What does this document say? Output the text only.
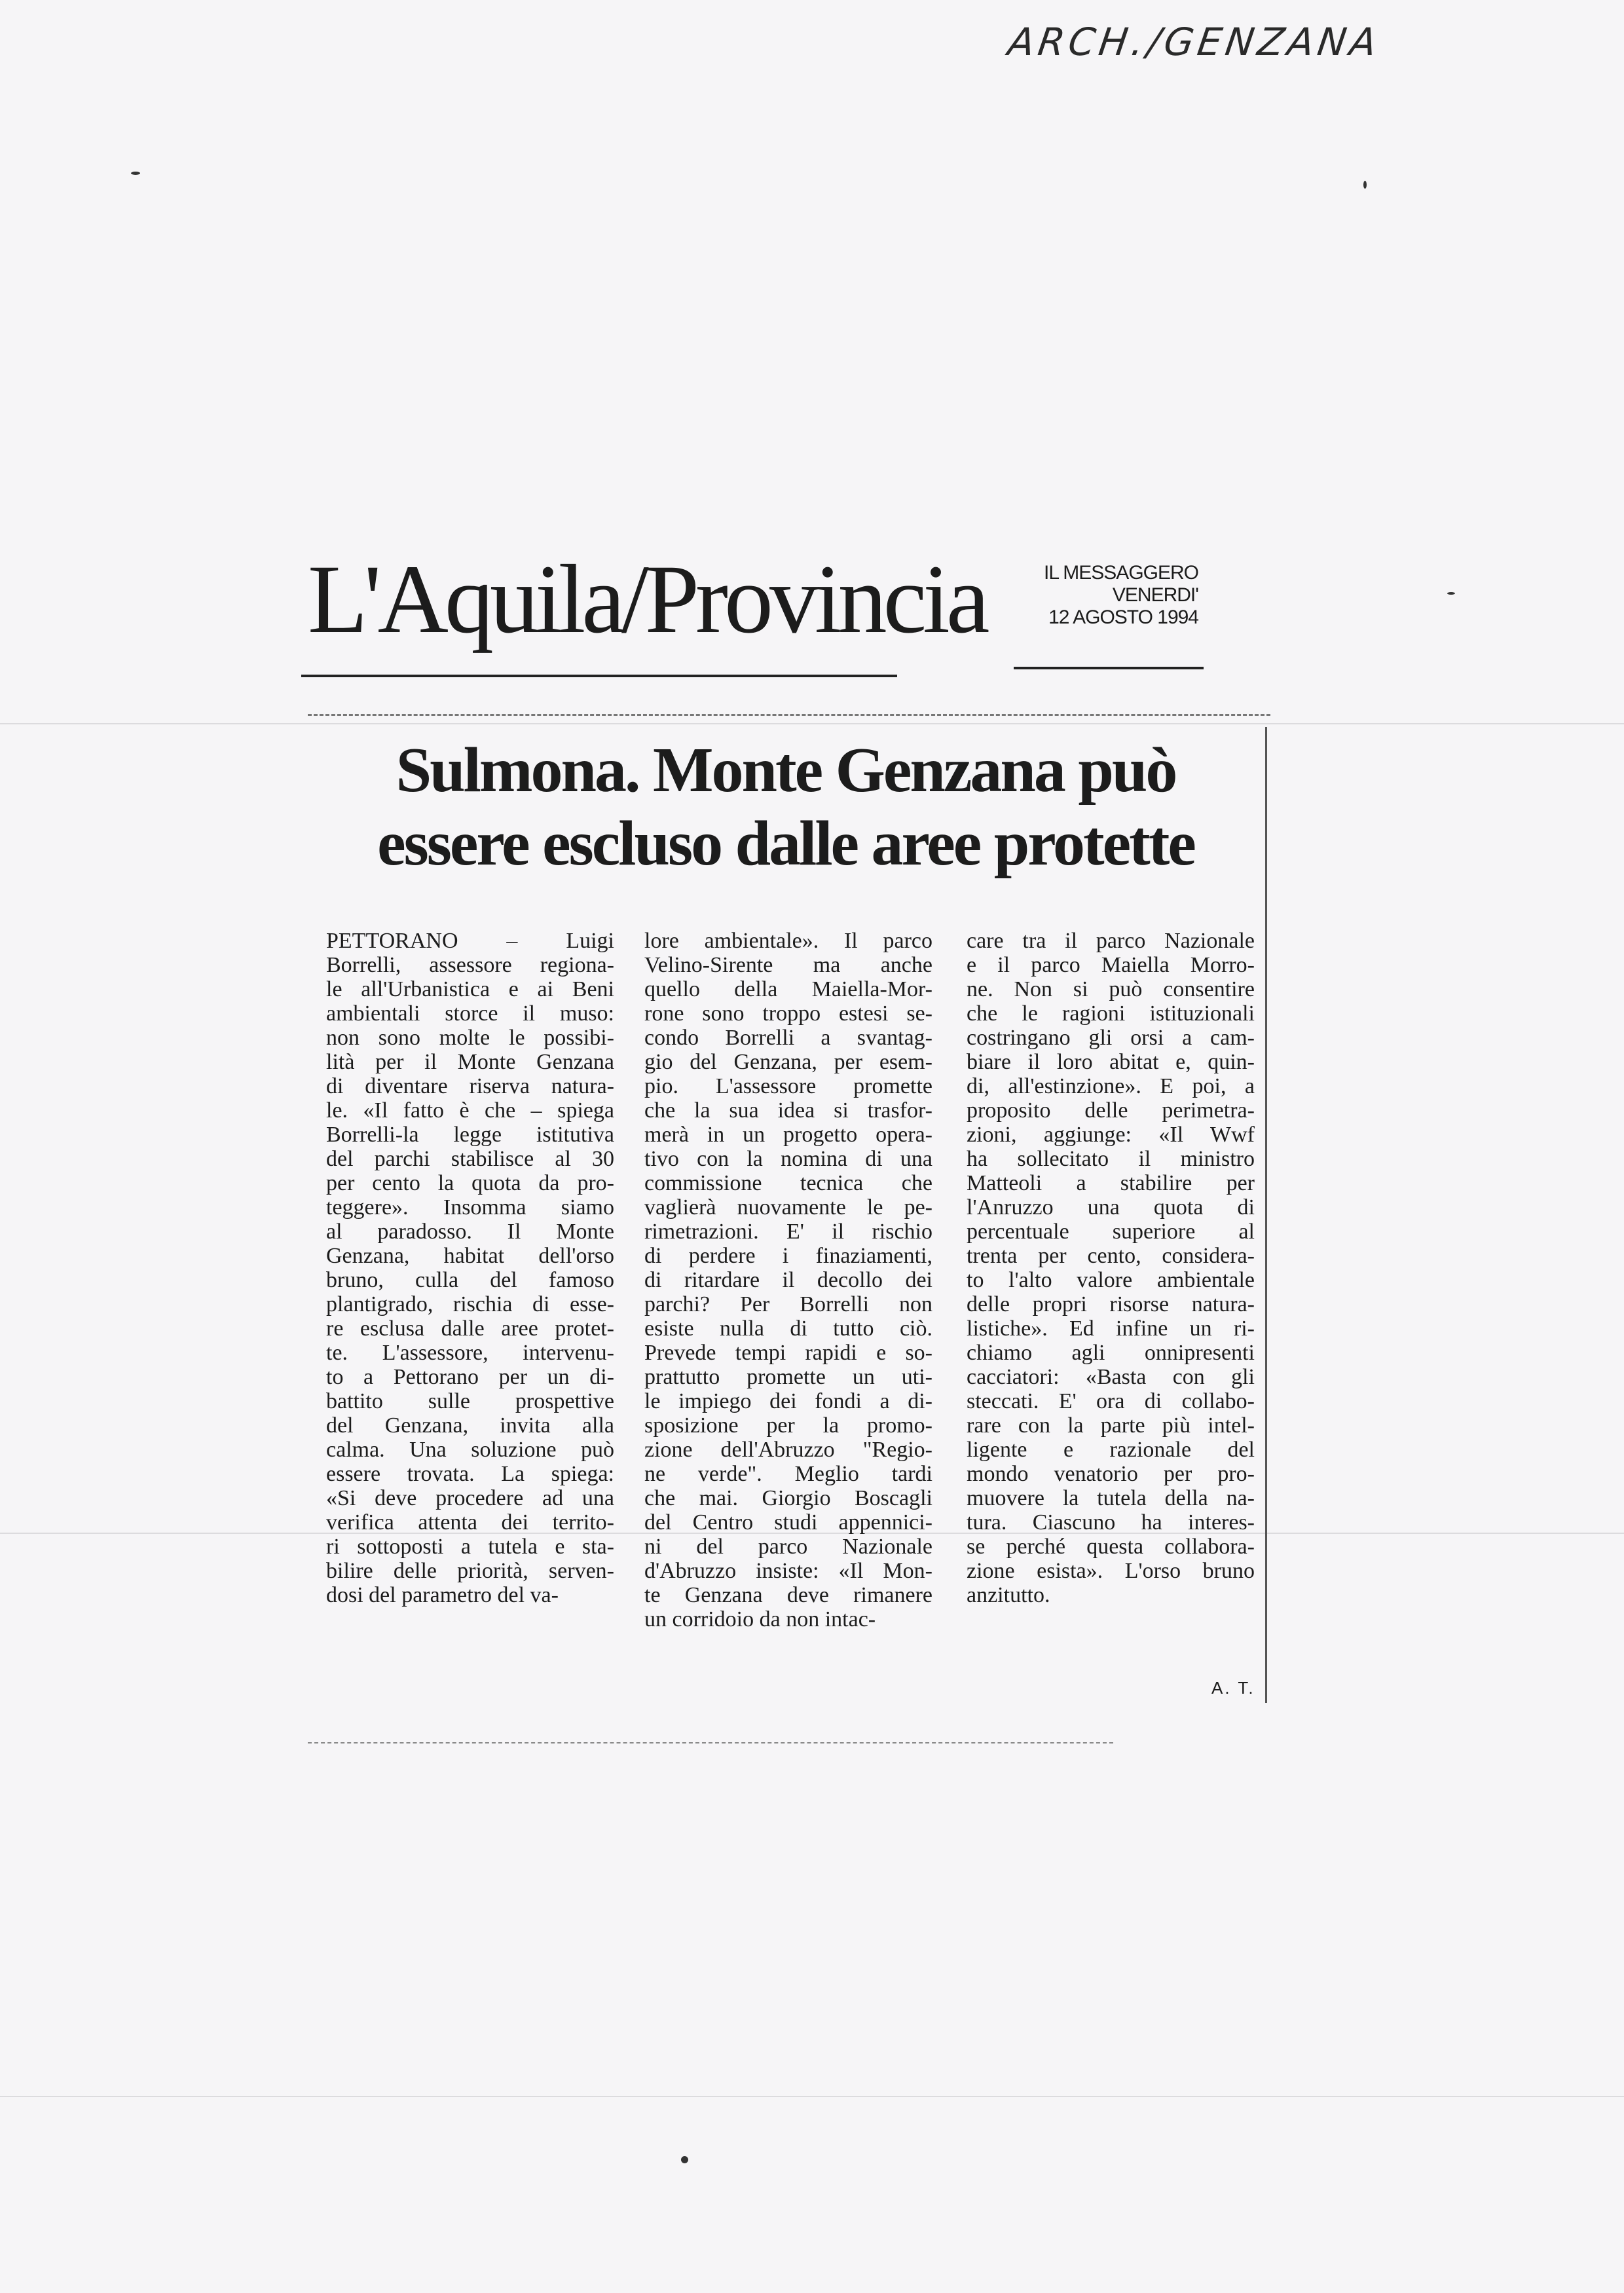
ARCH./GENZANA
L'Aquila/Provincia	IL MESSAGGERO
VENERDI'
12 AGOSTO 1994
Sulmona. Monte Genzana può
essere escluso dalle aree protette
PETTORANO – Luigi
Borrelli, assessore regiona-
le all'Urbanistica e ai Beni
ambientali storce il muso:
non sono molte le possibi-
lità per il Monte Genzana
di diventare riserva natura-
le. «Il fatto è che – spiega
Borrelli-la legge istitutiva
del parchi stabilisce al 30
per cento la quota da pro-
teggere». Insomma siamo
al paradosso. Il Monte
Genzana, habitat dell'orso
bruno, culla del famoso
plantigrado, rischia di esse-
re esclusa dalle aree protet-
te. L'assessore, intervenu-
to a Pettorano per un di-
battito sulle prospettive
del Genzana, invita alla
calma. Una soluzione può
essere trovata. La spiega:
«Si deve procedere ad una
verifica attenta dei territo-
ri sottoposti a tutela e sta-
bilire delle priorità, serven-
dosi del parametro del va-
lore ambientale». Il parco
Velino-Sirente ma anche
quello della Maiella-Mor-
rone sono troppo estesi se-
condo Borrelli a svantag-
gio del Genzana, per esem-
pio. L'assessore promette
che la sua idea si trasfor-
merà in un progetto opera-
tivo con la nomina di una
commissione tecnica che
vaglierà nuovamente le pe-
rimetrazioni. E' il rischio
di perdere i finaziamenti,
di ritardare il decollo dei
parchi? Per Borrelli non
esiste nulla di tutto ciò.
Prevede tempi rapidi e so-
prattutto promette un uti-
le impiego dei fondi a di-
sposizione per la promo-
zione dell'Abruzzo "Regio-
ne verde". Meglio tardi
che mai. Giorgio Boscagli
del Centro studi appennici-
ni del parco Nazionale
d'Abruzzo insiste: «Il Mon-
te Genzana deve rimanere
un corridoio da non intac-
care tra il parco Nazionale
e il parco Maiella Morro-
ne. Non si può consentire
che le ragioni istituzionali
costringano gli orsi a cam-
biare il loro abitat e, quin-
di, all'estinzione». E poi, a
proposito delle perimetra-
zioni, aggiunge: «Il Wwf
ha sollecitato il ministro
Matteoli a stabilire per
l'Anruzzo una quota di
percentuale superiore al
trenta per cento, considera-
to l'alto valore ambientale
delle propri risorse natura-
listiche». Ed infine un ri-
chiamo agli onnipresenti
cacciatori: «Basta con gli
steccati. E' ora di collabo-
rare con la parte più intel-
ligente e razionale del
mondo venatorio per pro-
muovere la tutela della na-
tura. Ciascuno ha interes-
se perché questa collabora-
zione esista». L'orso bruno
anzitutto.
A. T.
